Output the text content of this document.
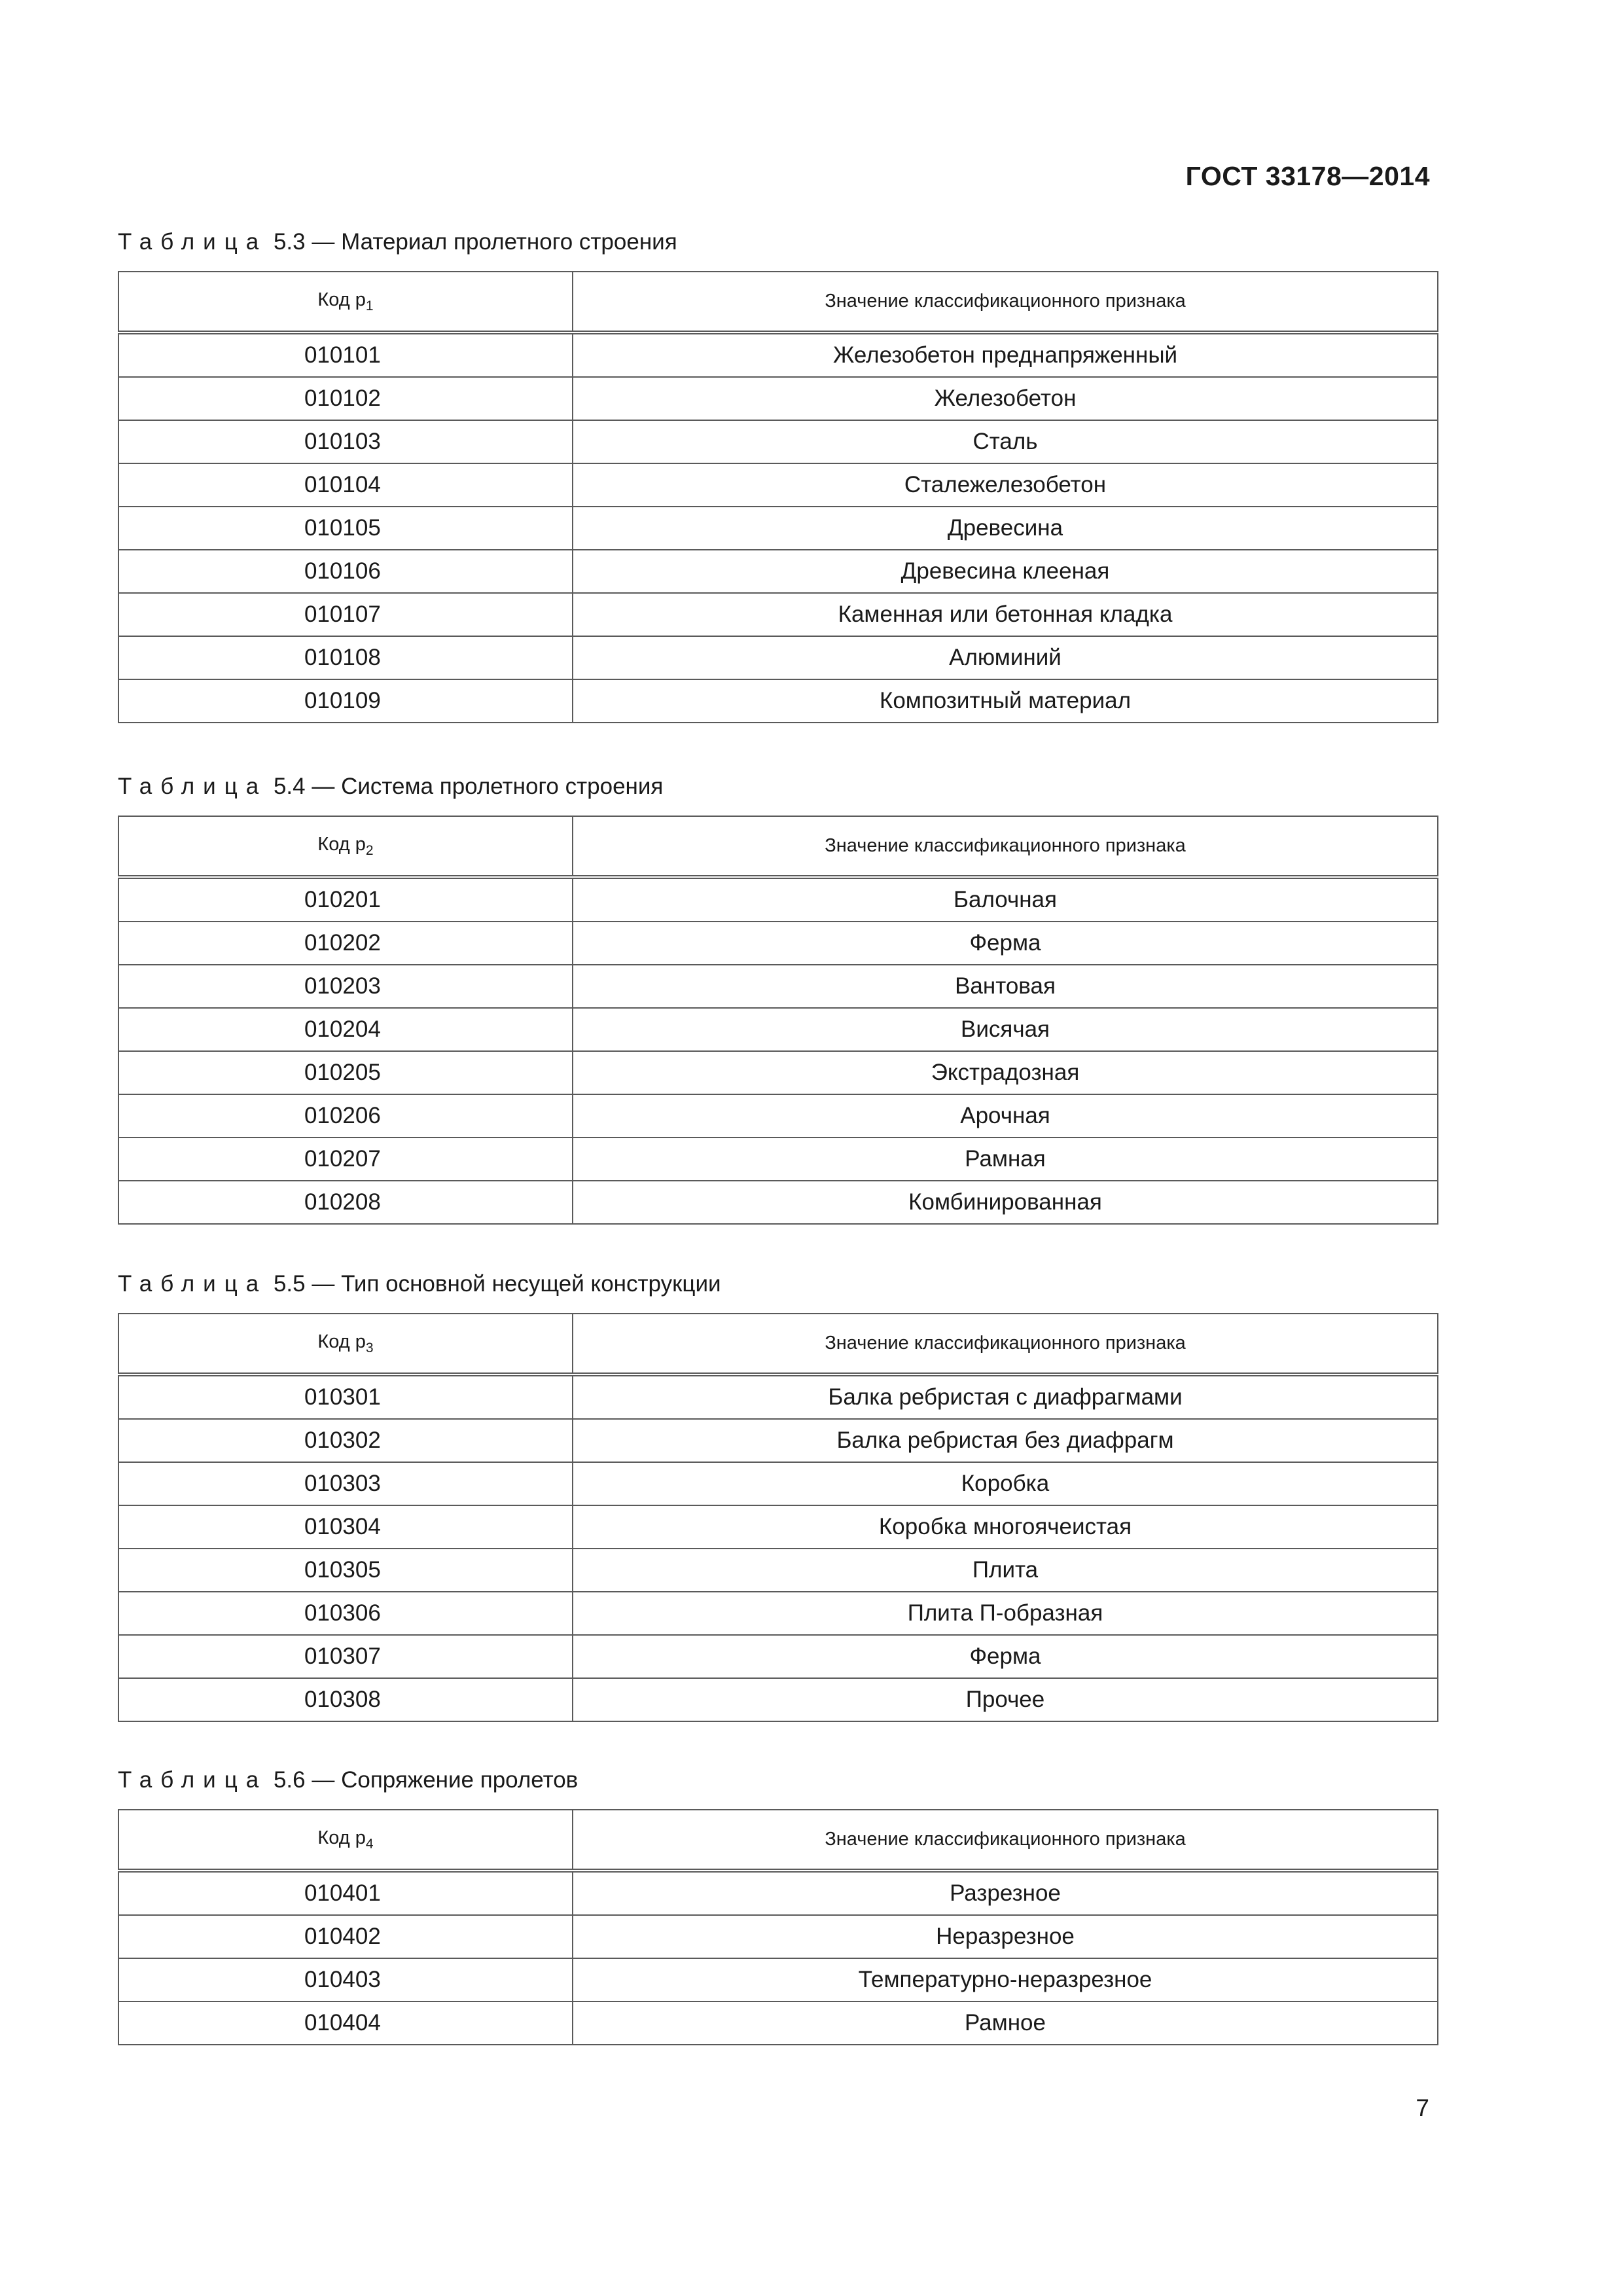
ГОСТ 33178—2014
Таблица 5.3 — Материал пролетного строения
Код $p_1$	Значение классификационного признака
010101	Железобетон преднапряженный
010102	Железобетон
010103	Сталь
010104	Сталежелезобетон
010105	Древесина
010106	Древесина клееная
010107	Каменная или бетонная кладка
010108	Алюминий
010109	Композитный материал
Таблица 5.4 — Система пролетного строения
Код $p_2$	Значение классификационного признака
010201	Балочная
010202	Ферма
010203	Вантовая
010204	Висячая
010205	Экстрадозная
010206	Арочная
010207	Рамная
010208	Комбинированная
Таблица 5.5 — Тип основной несущей конструкции
Код $p_3$	Значение классификационного признака
010301	Балка ребристая с диафрагмами
010302	Балка ребристая без диафрагм
010303	Коробка
010304	Коробка многоячеистая
010305	Плита
010306	Плита П-образная
010307	Ферма
010308	Прочее
Таблица 5.6 — Сопряжение пролетов
Код $p_4$	Значение классификационного признака
010401	Разрезное
010402	Неразрезное
010403	Температурно-неразрезное
010404	Рамное
7
